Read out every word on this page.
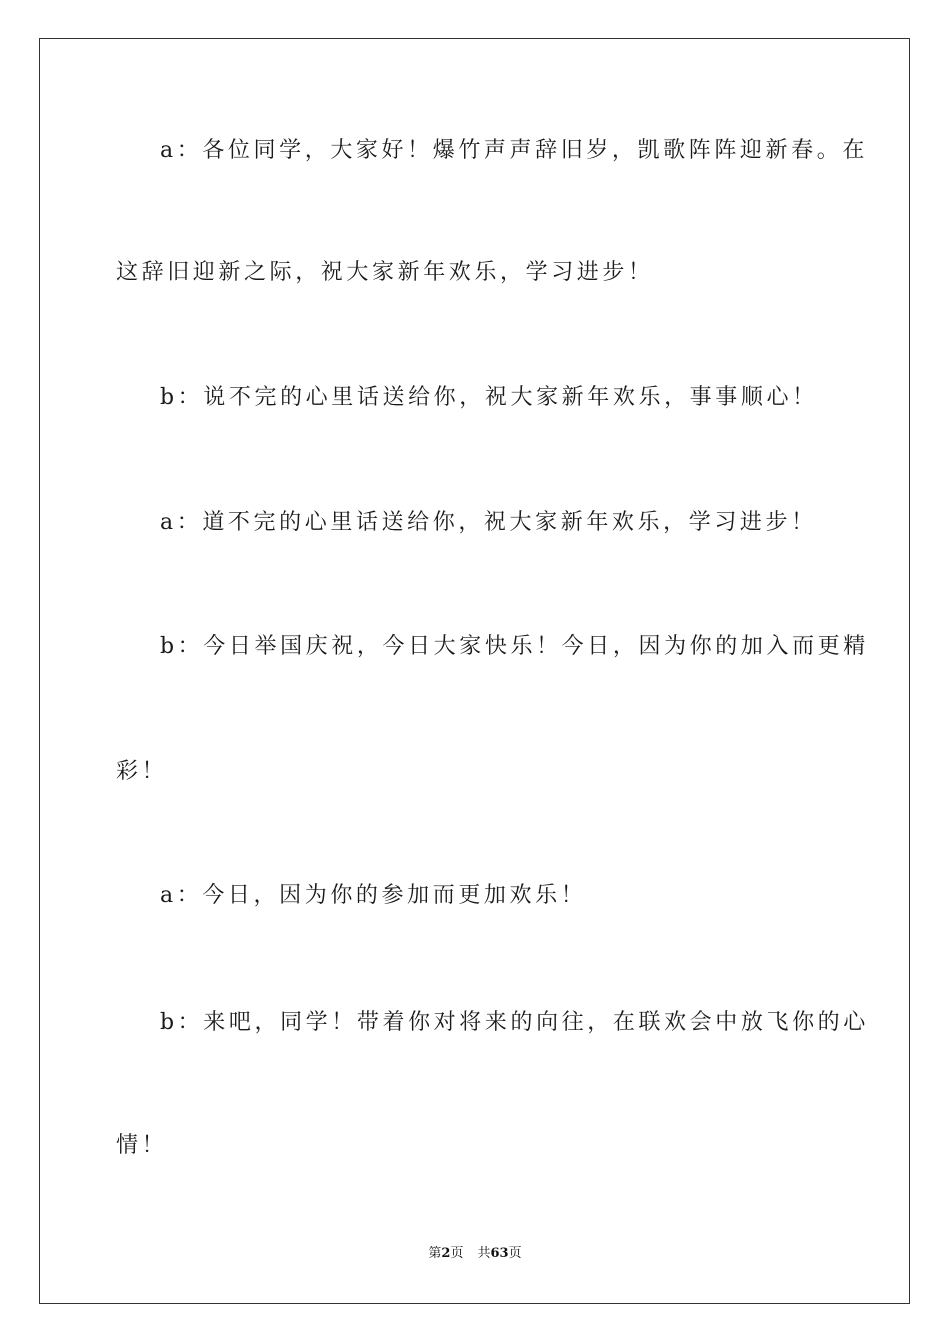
a：各位同学，大家好！爆竹声声辞旧岁，凯歌阵阵迎新春。在
这辞旧迎新之际，祝大家新年欢乐，学习进步！
b：说不完的心里话送给你，祝大家新年欢乐，事事顺心！
a：道不完的心里话送给你，祝大家新年欢乐，学习进步！
b：今日举国庆祝，今日大家快乐！今日，因为你的加入而更精
彩！
a：今日，因为你的参加而更加欢乐！
b：来吧，同学！带着你对将来的向往，在联欢会中放飞你的心
情！
第2页 共63页
